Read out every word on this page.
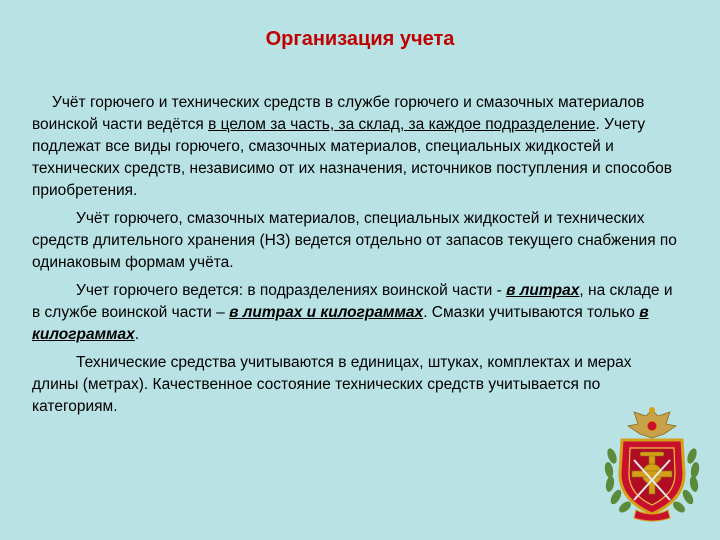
Организация учета

Учёт горючего и технических средств в службе горючего и смазочных материалов воинской части ведётся в целом за часть, за склад, за каждое подразделение. Учету подлежат все виды горючего, смазочных материалов, специальных жидкостей и технических средств, независимо от их назначения, источников поступления и способов приобретения.

Учёт горючего, смазочных материалов, специальных жидкостей и технических средств длительного хранения (НЗ) ведется отдельно от запасов текущего снабжения по одинаковым формам учёта.

Учет горючего ведется: в подразделениях воинской части - в литрах, на складе и в службе воинской части – в литрах и килограммах. Смазки учитываются только в килограммах.

Технические средства учитываются в единицах, штуках, комплектах и мерах длины (метрах). Качественное состояние технических средств учитывается по категориям.
